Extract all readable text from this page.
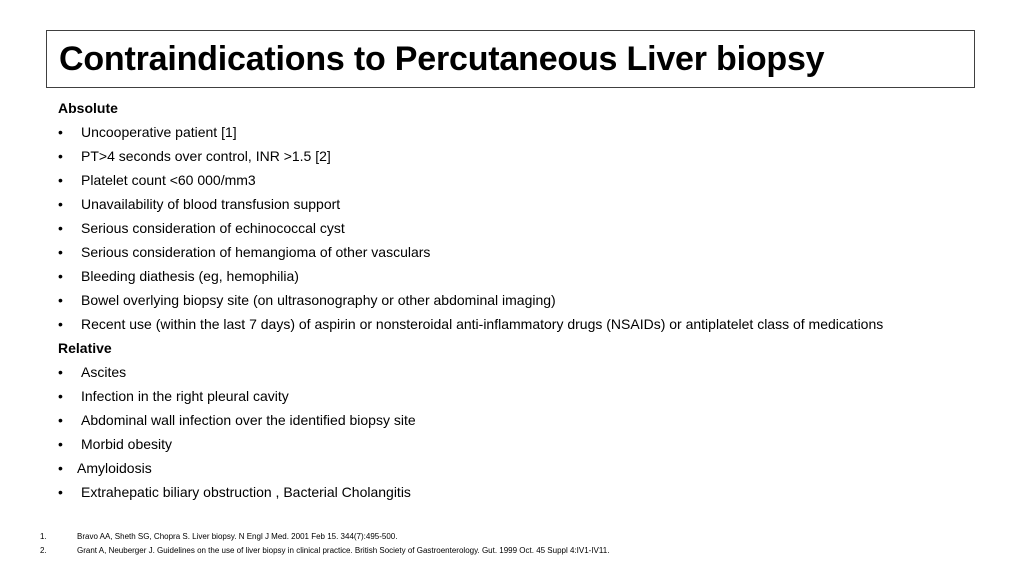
Contraindications to Percutaneous Liver biopsy
Absolute
•	Uncooperative patient [1]
•	PT>4 seconds over control, INR >1.5 [2]
•	Platelet count <60 000/mm3
•	Unavailability of blood transfusion support
•	Serious consideration of echinococcal cyst
•	Serious consideration of hemangioma of other vasculars
•	Bleeding diathesis (eg, hemophilia)
•	Bowel overlying biopsy site (on ultrasonography or other abdominal imaging)
•	Recent use (within the last 7 days) of aspirin or nonsteroidal anti-inflammatory drugs (NSAIDs) or antiplatelet class of medications
Relative
•	Ascites
•	Infection in the right pleural cavity
•	Abdominal wall infection over the identified biopsy site
•	Morbid obesity
•	Amyloidosis
•	Extrahepatic biliary obstruction , Bacterial Cholangitis
1.	Bravo AA, Sheth SG, Chopra S. Liver biopsy. N Engl J Med. 2001 Feb 15. 344(7):495-500.
2.	Grant A, Neuberger J. Guidelines on the use of liver biopsy in clinical practice. British Society of Gastroenterology. Gut. 1999 Oct. 45 Suppl 4:IV1-IV11.
